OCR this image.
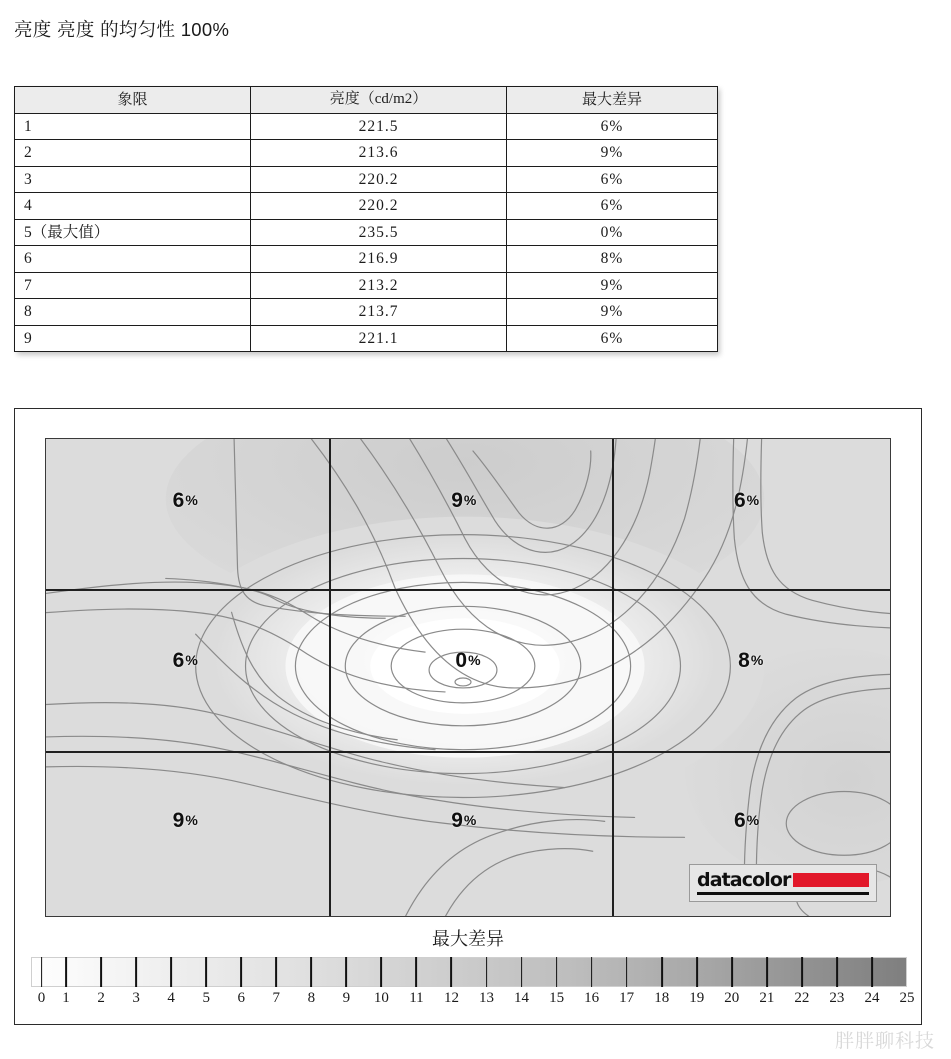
亮度 亮度 的均匀性 100%
象限	亮度（cd/m2）	最大差异
1	221.5	6%
2	213.6	9%
3	220.2	6%
4	220.2	6%
5（最大值）	235.5	0%
6	216.9	8%
7	213.2	9%
8	213.7	9%
9	221.1	6%
6%	9%	6%
6%	0%	8%
9%	9%	6%
datacolor
最大差异
0 1 2 3 4 5 6 7 8 9 10 11 12 13 14 15 16 17 18 19 20 21 22 23 24 25
胖胖聊科技
